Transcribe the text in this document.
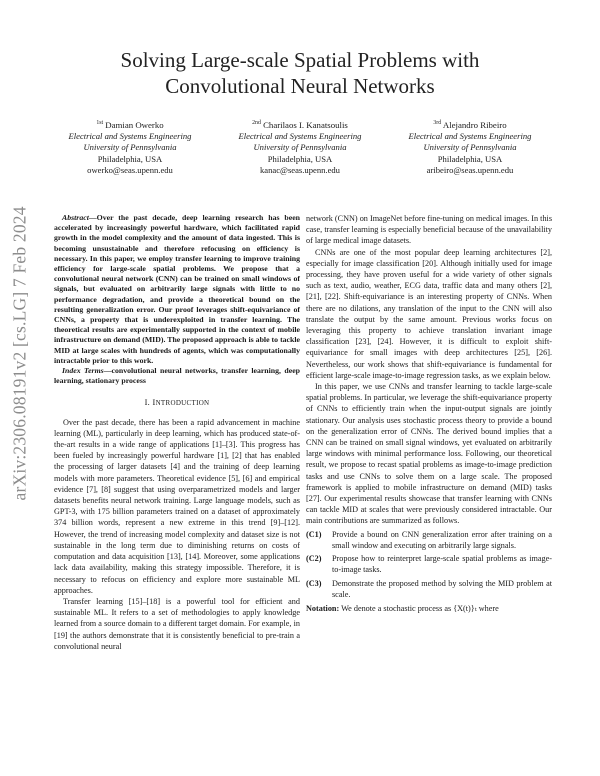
arXiv:2306.08191v2 [cs.LG] 7 Feb 2024
Solving Large-scale Spatial Problems with
Convolutional Neural Networks
$^{1st}$ Damian Owerko
Electrical and Systems Engineering
University of Pennsylvania
Philadelphia, USA
owerko@seas.upenn.edu
$^{2nd}$ Charilaos I. Kanatsoulis
Electrical and Systems Engineering
University of Pennsylvania
Philadelphia, USA
kanac@seas.upenn.edu
$^{3rd}$ Alejandro Ribeiro
Electrical and Systems Engineering
University of Pennsylvania
Philadelphia, USA
aribeiro@seas.upenn.edu

Abstract—Over the past decade, deep learning research has been accelerated by increasingly powerful hardware, which facilitated rapid growth in the model complexity and the amount of data ingested. This is becoming unsustainable and therefore refocusing on efficiency is necessary. In this paper, we employ transfer learning to improve training efficiency for large-scale spatial problems. We propose that a convolutional neural network (CNN) can be trained on small windows of signals, but evaluated on arbitrarily large signals with little to no performance degradation, and provide a theoretical bound on the resulting generalization error. Our proof leverages shift-equivariance of CNNs, a property that is underexploited in transfer learning. The theoretical results are experimentally supported in the context of mobile infrastructure on demand (MID). The proposed approach is able to tackle MID at large scales with hundreds of agents, which was computationally intractable prior to this work.

Index Terms—convolutional neural networks, transfer learning, deep learning, stationary process

I. INTRODUCTION

Over the past decade, there has been a rapid advancement in machine learning (ML), particularly in deep learning, which has produced state-of-the-art results in a wide range of applications [1]–[3]. This progress has been fueled by increasingly powerful hardware [1], [2] that has enabled the processing of larger datasets [4] and the training of deep learning models with more parameters. Theoretical evidence [5], [6] and empirical evidence [7], [8] suggest that using overparametrized models and larger datasets benefits neural network training. Large language models, such as GPT-3, with 175 billion parameters trained on a dataset of approximately 374 billion words, represent a new extreme in this trend [9]–[12]. However, the trend of increasing model complexity and dataset size is not sustainable in the long term due to diminishing returns on costs of computation and data acquisition [13], [14]. Moreover, some applications lack data availability, making this strategy impossible. Therefore, it is necessary to refocus on efficiency and explore more sustainable ML approaches.

Transfer learning [15]–[18] is a powerful tool for efficient and sustainable ML. It refers to a set of methodologies to apply knowledge learned from a source domain to a different target domain. For example, in [19] the authors demonstrate that it is consistently beneficial to pre-train a convolutional neural

network (CNN) on ImageNet before fine-tuning on medical images. In this case, transfer learning is especially beneficial because of the unavailability of large medical image datasets.

CNNs are one of the most popular deep learning architectures [2], especially for image classification [20]. Although initially used for image processing, they have proven useful for a wide variety of other signals such as text, audio, weather, ECG data, traffic data and many others [2], [21], [22]. Shift-equivariance is an interesting property of CNNs. When there are no dilations, any translation of the input to the CNN will also translate the output by the same amount. Previous works focus on leveraging this property to achieve translation invariant image classification [23], [24]. However, it is difficult to exploit shift-equivariance for small images with deep architectures [25], [26]. Nevertheless, our work shows that shift-equivariance is fundamental for efficient large-scale image-to-image regression tasks, as we explain below.

In this paper, we use CNNs and transfer learning to tackle large-scale spatial problems. In particular, we leverage the shift-equivariance property of CNNs to efficiently train when the input-output signals are jointly stationary. Our analysis uses stochastic process theory to provide a bound on the generalization error of CNNs. The derived bound implies that a CNN can be trained on small signal windows, yet evaluated on arbitrarily large windows with minimal performance loss. Following, our theoretical result, we propose to recast spatial problems as image-to-image prediction tasks and use CNNs to solve them on a large scale. The proposed framework is applied to mobile infrastructure on demand (MID) tasks [27]. Our experimental results showcase that transfer learning with CNNs can tackle MID at scales that were previously considered intractable. Our main contributions are summarized as follows.

(C1)	Provide a bound on CNN generalization error after training on a small window and executing on arbitrarily large signals.
(C2)	Propose how to reinterpret large-scale spatial problems as image-to-image tasks.
(C3)	Demonstrate the proposed method by solving the MID problem at scale.

Notation: We denote a stochastic process as {X(t)}ₜ where
